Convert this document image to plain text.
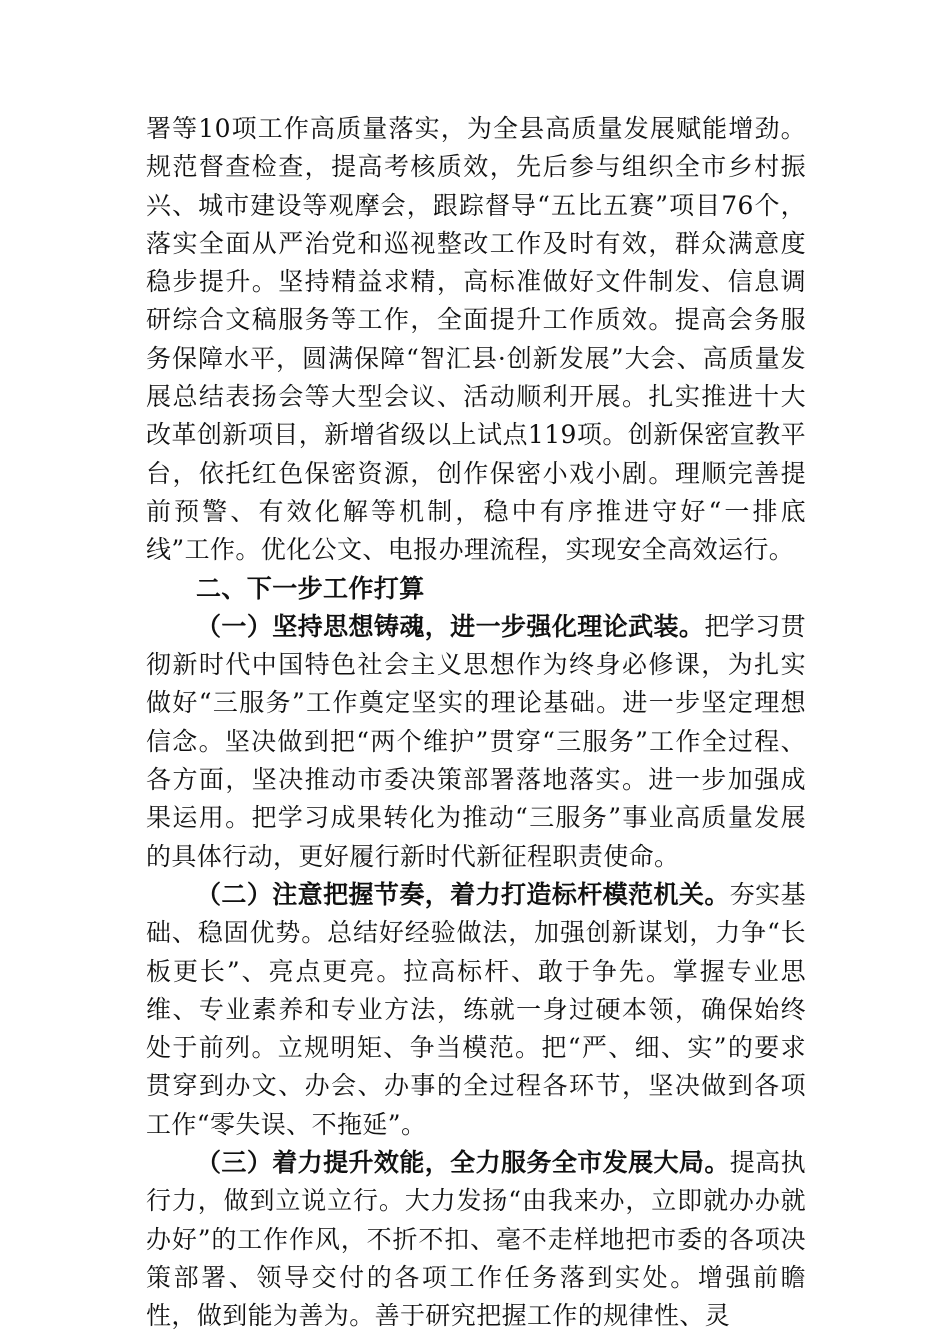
署等10项工作高质量落实，为全县高质量发展赋能增劲。规范督查检查，提高考核质效，先后参与组织全市乡村振兴、城市建设等观摩会，跟踪督导“五比五赛”项目76个，落实全面从严治党和巡视整改工作及时有效，群众满意度稳步提升。坚持精益求精，高标准做好文件制发、信息调研综合文稿服务等工作，全面提升工作质效。提高会务服务保障水平，圆满保障“智汇县·创新发展”大会、高质量发展总结表扬会等大型会议、活动顺利开展。扎实推进十大改革创新项目，新增省级以上试点119项。创新保密宣教平台，依托红色保密资源，创作保密小戏小剧。理顺完善提前预警、有效化解等机制，稳中有序推进守好“一排底线”工作。优化公文、电报办理流程，实现安全高效运行。

二、下一步工作打算

（一）坚持思想铸魂，进一步强化理论武装。把学习贯彻新时代中国特色社会主义思想作为终身必修课，为扎实做好“三服务”工作奠定坚实的理论基础。进一步坚定理想信念。坚决做到把“两个维护”贯穿“三服务”工作全过程、各方面，坚决推动市委决策部署落地落实。进一步加强成果运用。把学习成果转化为推动“三服务”事业高质量发展的具体行动，更好履行新时代新征程职责使命。

（二）注意把握节奏，着力打造标杆模范机关。夯实基础、稳固优势。总结好经验做法，加强创新谋划，力争“长板更长”、亮点更亮。拉高标杆、敢于争先。掌握专业思维、专业素养和专业方法，练就一身过硬本领，确保始终处于前列。立规明矩、争当模范。把“严、细、实”的要求贯穿到办文、办会、办事的全过程各环节，坚决做到各项工作“零失误、不拖延”。

（三）着力提升效能，全力服务全市发展大局。提高执行力，做到立说立行。大力发扬“由我来办，立即就办办就办好”的工作作风，不折不扣、毫不走样地把市委的各项决策部署、领导交付的各项工作任务落到实处。增强前瞻性，做到能为善为。善于研究把握工作的规律性、灵
